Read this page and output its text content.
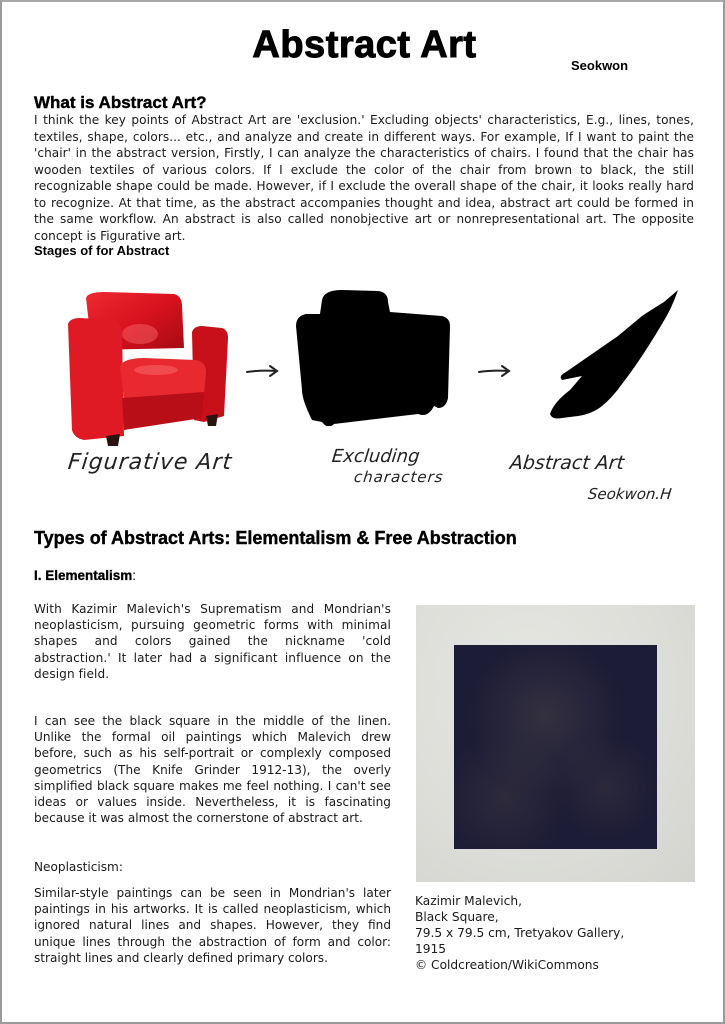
Abstract Art	Seokwon
What is Abstract Art?

I think the key points of Abstract Art are 'exclusion.' Excluding objects' characteristics, E.g., lines, tones, textiles, shape, colors... etc., and analyze and create in different ways. For example, If I want to paint the 'chair' in the abstract version, Firstly, I can analyze the characteristics of chairs. I found that the chair has wooden textiles of various colors. If I exclude the color of the chair from brown to black, the still recognizable shape could be made. However, if I exclude the overall shape of the chair, it looks really hard to recognize. At that time, as the abstract accompanies thought and idea, abstract art could be formed in the same workflow. An abstract is also called nonobjective art or nonrepresentational art. The opposite concept is Figurative art.

Stages of for Abstract
Figurative Art	Excluding
characters
Abstract Art
Seokwon.H
Types of Abstract Arts: Elementalism & Free Abstraction
I. Elementalism:

With Kazimir Malevich's Suprematism and Mondrian's neoplasticism, pursuing geometric forms with minimal shapes and colors gained the nickname 'cold abstraction.' It later had a significant influence on the design field.

I can see the black square in the middle of the linen. Unlike the formal oil paintings which Malevich drew before, such as his self-portrait or complexly composed geometrics (The Knife Grinder 1912-13), the overly simplified black square makes me feel nothing. I can't see ideas or values inside. Nevertheless, it is fascinating because it was almost the cornerstone of abstract art.

Neoplasticism:

Similar-style paintings can be seen in Mondrian's later paintings in his artworks. It is called neoplasticism, which ignored natural lines and shapes. However, they find unique lines through the abstraction of form and color: straight lines and clearly defined primary colors.

Kazimir Malevich,
Black Square,
79.5 x 79.5 cm, Tretyakov Gallery,
1915
© Coldcreation/WikiCommons
